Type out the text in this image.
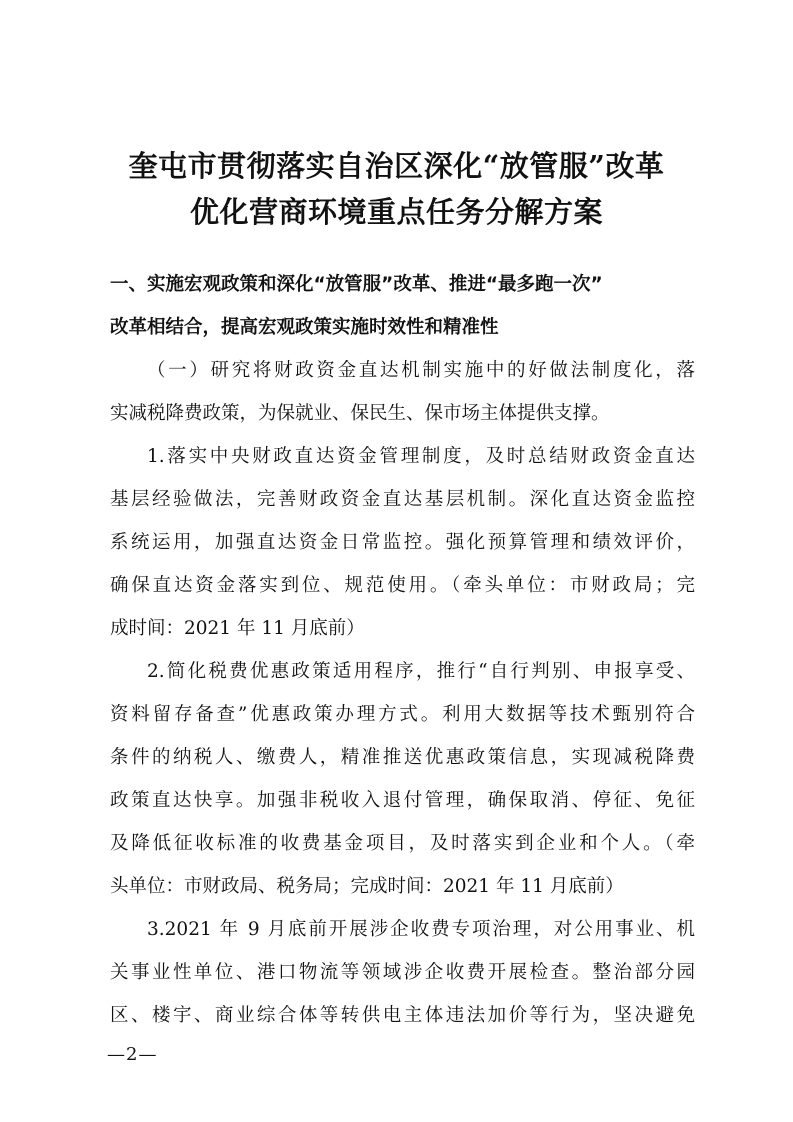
奎屯市贯彻落实自治区深化“放管服”改革
优化营商环境重点任务分解方案
一、实施宏观政策和深化“放管服”改革、推进“最多跑一次”
改革相结合，提高宏观政策实施时效性和精准性
（一）研究将财政资金直达机制实施中的好做法制度化，落
实减税降费政策，为保就业、保民生、保市场主体提供支撑。
1.落实中央财政直达资金管理制度，及时总结财政资金直达
基层经验做法，完善财政资金直达基层机制。深化直达资金监控
系统运用，加强直达资金日常监控。强化预算管理和绩效评价，
确保直达资金落实到位、规范使用。（牵头单位：市财政局；完
成时间：2021 年 11 月底前）
2.简化税费优惠政策适用程序，推行“自行判别、申报享受、
资料留存备查”优惠政策办理方式。利用大数据等技术甄别符合
条件的纳税人、缴费人，精准推送优惠政策信息，实现减税降费
政策直达快享。加强非税收入退付管理，确保取消、停征、免征
及降低征收标准的收费基金项目，及时落实到企业和个人。（牵
头单位：市财政局、税务局；完成时间：2021 年 11 月底前）
3.2021 年 9 月底前开展涉企收费专项治理，对公用事业、机
关事业性单位、港口物流等领域涉企收费开展检查。整治部分园
区、楼宇、商业综合体等转供电主体违法加价等行为，坚决避免
—2—
